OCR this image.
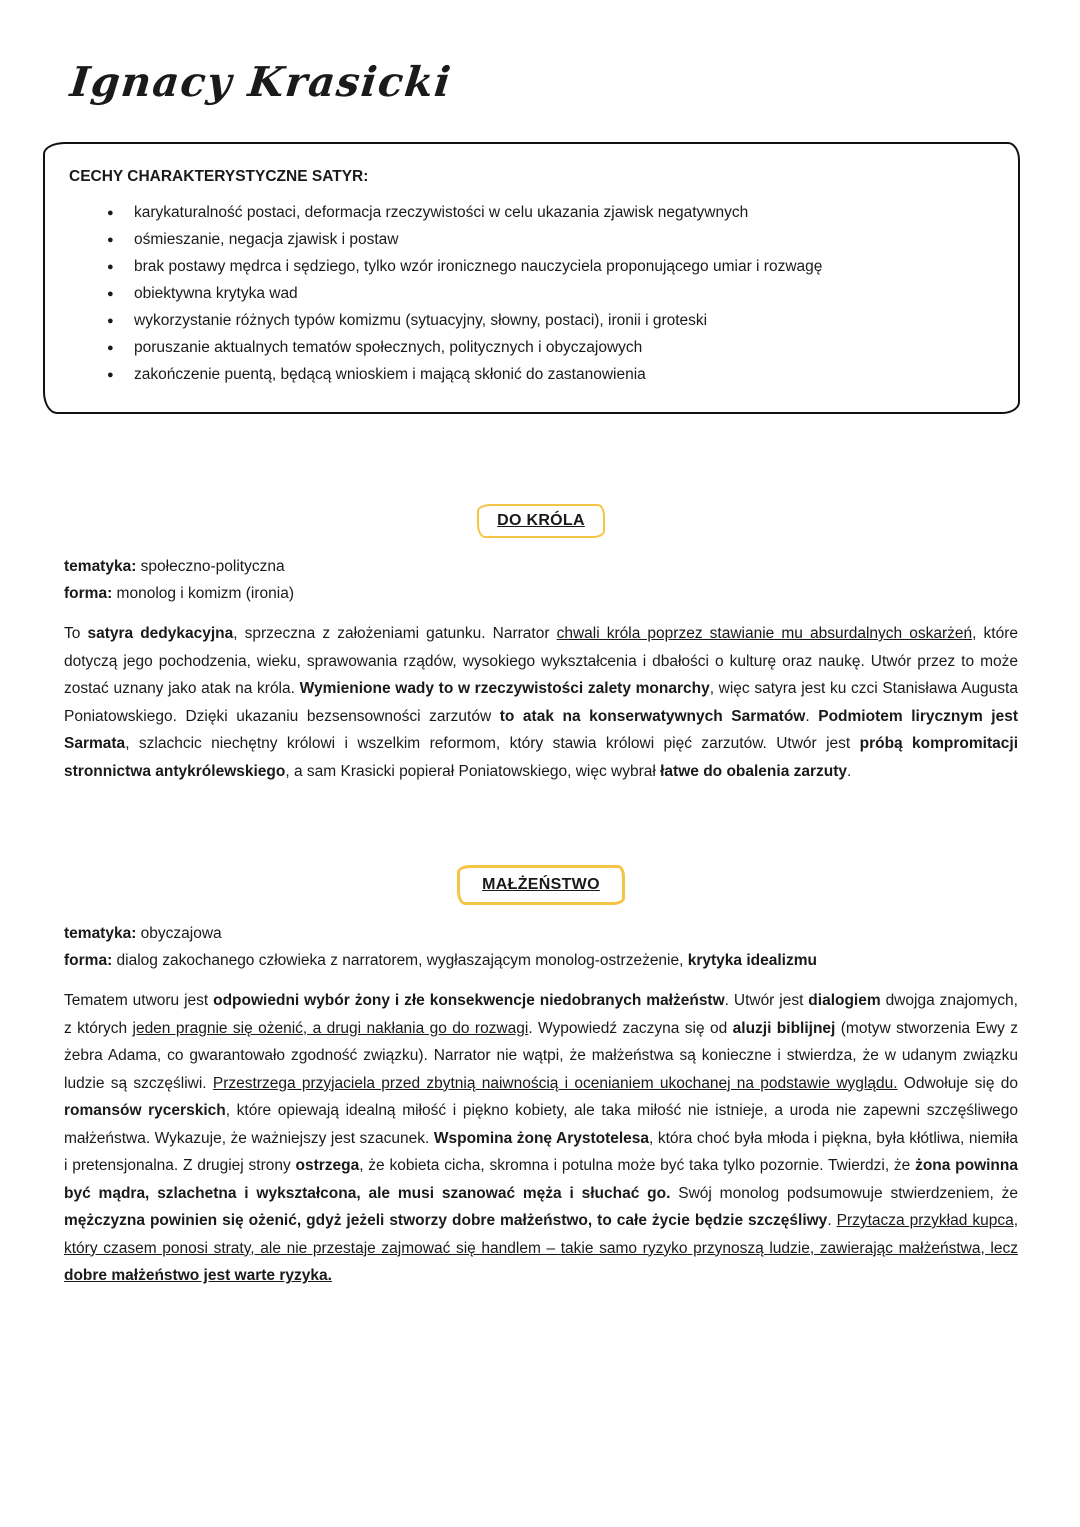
Ignacy Krasicki
CECHY CHARAKTERYSTYCZNE SATYR:
● karykaturalność postaci, deformacja rzeczywistości w celu ukazania zjawisk negatywnych
● ośmieszanie, negacja zjawisk i postaw
● brak postawy mędrca i sędziego, tylko wzór ironicznego nauczyciela proponującego umiar i rozwagę
● obiektywna krytyka wad
● wykorzystanie różnych typów komizmu (sytuacyjny, słowny, postaci), ironii i groteski
● poruszanie aktualnych tematów społecznych, politycznych i obyczajowych
● zakończenie puentą, będącą wnioskiem i mającą skłonić do zastanowienia
DO KRÓLA

tematyka: społeczno-polityczna

forma: monolog i komizm (ironia)

To satyra dedykacyjna, sprzeczna z założeniami gatunku. Narrator chwali króla poprzez stawianie mu absurdalnych oskarżeń, które dotyczą jego pochodzenia, wieku, sprawowania rządów, wysokiego wykształcenia i dbałości o kulturę oraz naukę. Utwór przez to może zostać uznany jako atak na króla. Wymienione wady to w rzeczywistości zalety monarchy, więc satyra jest ku czci Stanisława Augusta Poniatowskiego. Dzięki ukazaniu bezsensowności zarzutów to atak na konserwatywnych Sarmatów. Podmiotem lirycznym jest Sarmata, szlachcic niechętny królowi i wszelkim reformom, który stawia królowi pięć zarzutów. Utwór jest próbą kompromitacji stronnictwa antykrólewskiego, a sam Krasicki popierał Poniatowskiego, więc wybrał łatwe do obalenia zarzuty.

MAŁŻEŃSTWO

tematyka: obyczajowa

forma: dialog zakochanego człowieka z narratorem, wygłaszającym monolog-ostrzeżenie, krytyka idealizmu

Tematem utworu jest odpowiedni wybór żony i złe konsekwencje niedobranych małżeństw. Utwór jest dialogiem dwojga znajomych, z których jeden pragnie się ożenić, a drugi nakłania go do rozwagi. Wypowiedź zaczyna się od aluzji biblijnej (motyw stworzenia Ewy z żebra Adama, co gwarantowało zgodność związku). Narrator nie wątpi, że małżeństwa są konieczne i stwierdza, że w udanym związku ludzie są szczęśliwi. Przestrzega przyjaciela przed zbytnią naiwnością i ocenianiem ukochanej na podstawie wyglądu. Odwołuje się do romansów rycerskich, które opiewają idealną miłość i piękno kobiety, ale taka miłość nie istnieje, a uroda nie zapewni szczęśliwego małżeństwa. Wykazuje, że ważniejszy jest szacunek. Wspomina żonę Arystotelesa, która choć była młoda i piękna, była kłótliwa, niemiła i pretensjonalna. Z drugiej strony ostrzega, że kobieta cicha, skromna i potulna może być taka tylko pozornie. Twierdzi, że żona powinna być mądra, szlachetna i wykształcona, ale musi szanować męża i słuchać go. Swój monolog podsumowuje stwierdzeniem, że mężczyzna powinien się ożenić, gdyż jeżeli stworzy dobre małżeństwo, to całe życie będzie szczęśliwy. Przytacza przykład kupca, który czasem ponosi straty, ale nie przestaje zajmować się handlem – takie samo ryzyko przynoszą ludzie, zawierając małżeństwa, lecz dobre małżeństwo jest warte ryzyka.
